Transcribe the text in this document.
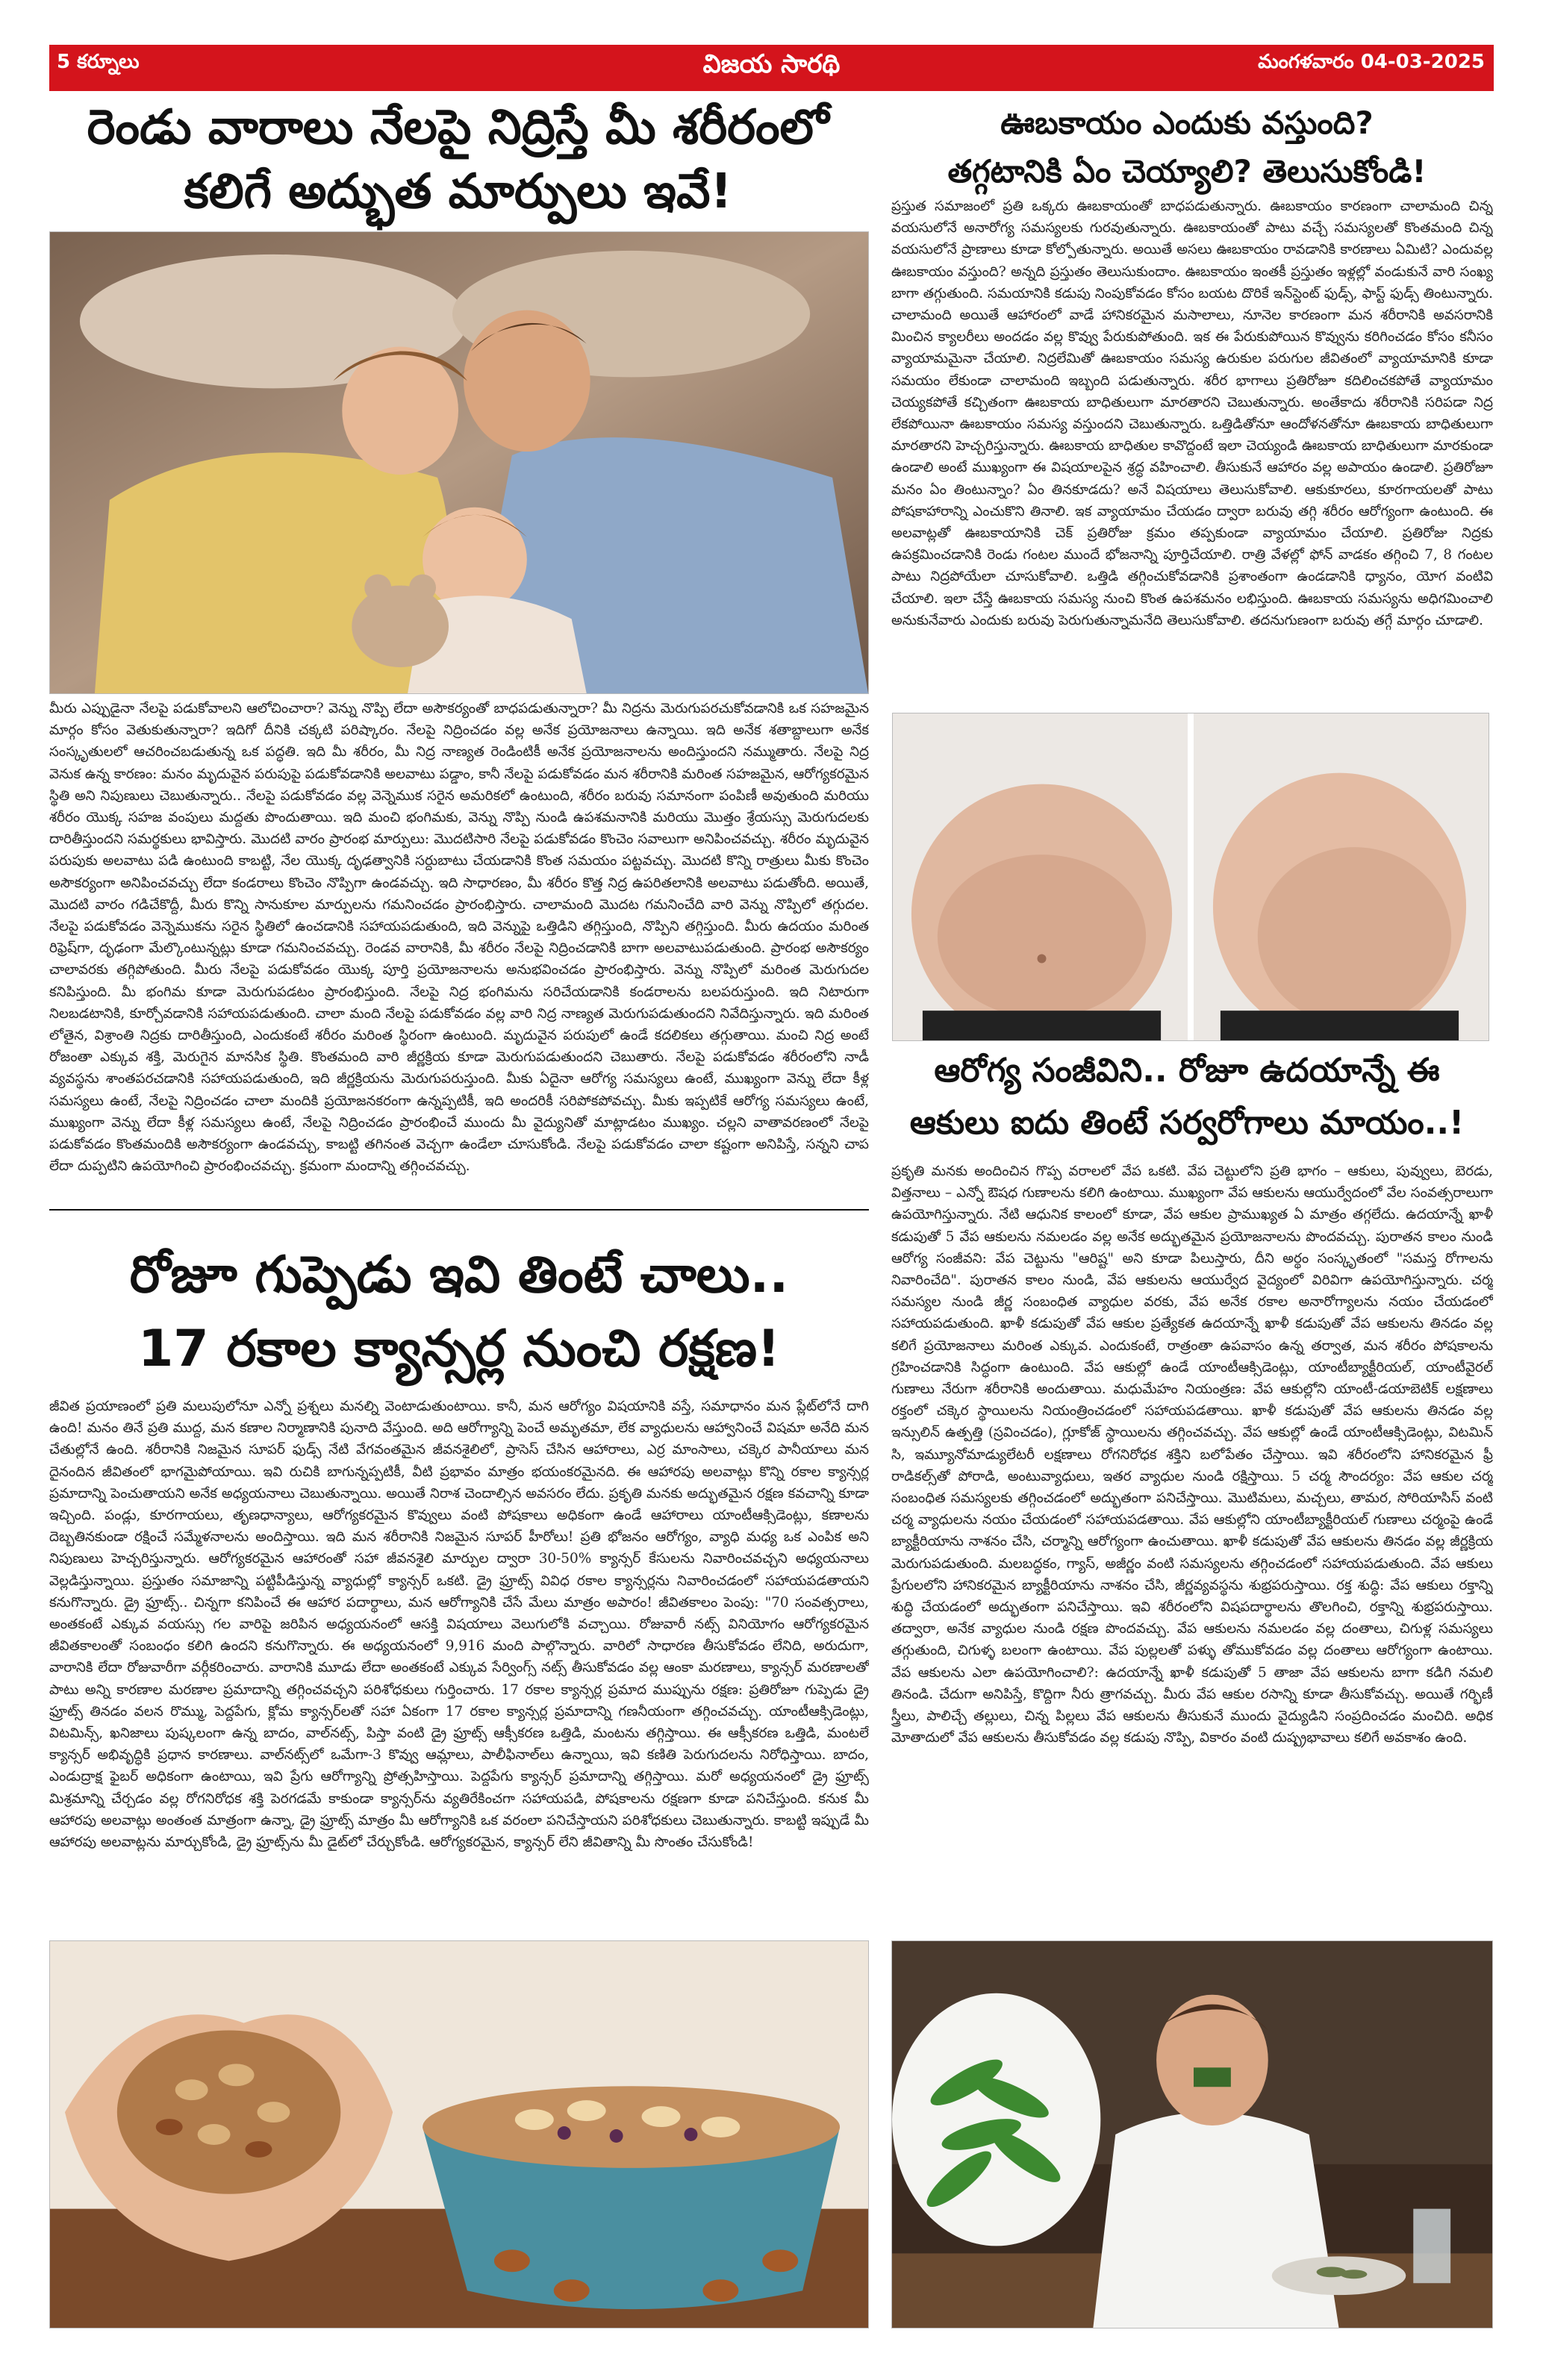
5 కర్నూలు	విజయ సారథి	మంగళవారం 04-03-2025
రెండు వారాలు నేలపై నిద్రిస్తే మీ శరీరంలో
కలిగే అద్భుత మార్పులు ఇవే!
మీరు ఎప్పుడైనా నేలపై పడుకోవాలని ఆలోచించారా? వెన్ను నొప్పి లేదా అసౌకర్యంతో బాధపడుతున్నారా? మీ నిద్రను మెరుగుపరచుకోవడానికి ఒక సహజమైన మార్గం కోసం వెతుకుతున్నారా? ఇదిగో దీనికి చక్కటి పరిష్కారం. నేలపై నిద్రించడం వల్ల అనేక ప్రయోజనాలు ఉన్నాయి. ఇది అనేక శతాబ్దాలుగా అనేక సంస్కృతులలో ఆచరించబడుతున్న ఒక పద్ధతి. ఇది మీ శరీరం, మీ నిద్ర నాణ్యత రెండింటికీ అనేక ప్రయోజనాలను అందిస్తుందని నమ్ముతారు. నేలపై నిద్ర వెనుక ఉన్న కారణం: మనం మృదువైన పరుపుపై పడుకోవడానికి అలవాటు పడ్డాం, కానీ నేలపై పడుకోవడం మన శరీరానికి మరింత సహజమైన, ఆరోగ్యకరమైన స్థితి అని నిపుణులు చెబుతున్నారు.. నేలపై పడుకోవడం వల్ల వెన్నెముక సరైన అమరికలో ఉంటుంది, శరీరం బరువు సమానంగా పంపిణీ అవుతుంది మరియు శరీరం యొక్క సహజ వంపులు మద్దతు పొందుతాయి. ఇది మంచి భంగిమకు, వెన్ను నొప్పి నుండి ఉపశమనానికి మరియు మొత్తం శ్రేయస్సు మెరుగుదలకు దారితీస్తుందని సమర్థకులు భావిస్తారు. మొదటి వారం ప్రారంభ మార్పులు: మొదటిసారి నేలపై పడుకోవడం కొంచెం సవాలుగా అనిపించవచ్చు. శరీరం మృదువైన పరుపుకు అలవాటు పడి ఉంటుంది కాబట్టి, నేల యొక్క దృఢత్వానికి సర్దుబాటు చేయడానికి కొంత సమయం పట్టవచ్చు. మొదటి కొన్ని రాత్రులు మీకు కొంచెం అసౌకర్యంగా అనిపించవచ్చు లేదా కండరాలు కొంచెం నొప్పిగా ఉండవచ్చు. ఇది సాధారణం, మీ శరీరం కొత్త నిద్ర ఉపరితలానికి అలవాటు పడుతోంది. అయితే, మొదటి వారం గడిచేకొద్దీ, మీరు కొన్ని సానుకూల మార్పులను గమనించడం ప్రారంభిస్తారు. చాలామంది మొదట గమనించేది వారి వెన్ను నొప్పిలో తగ్గుదల. నేలపై పడుకోవడం వెన్నెముకను సరైన స్థితిలో ఉంచడానికి సహాయపడుతుంది, ఇది వెన్నుపై ఒత్తిడిని తగ్గిస్తుంది, నొప్పిని తగ్గిస్తుంది. మీరు ఉదయం మరింత రిఫ్రెష్‌గా, దృఢంగా మేల్కొంటున్నట్లు కూడా గమనించవచ్చు. రెండవ వారానికి, మీ శరీరం నేలపై నిద్రించడానికి బాగా అలవాటుపడుతుంది. ప్రారంభ అసౌకర్యం చాలావరకు తగ్గిపోతుంది. మీరు నేలపై పడుకోవడం యొక్క పూర్తి ప్రయోజనాలను అనుభవించడం ప్రారంభిస్తారు. వెన్ను నొప్పిలో మరింత మెరుగుదల కనిపిస్తుంది. మీ భంగిమ కూడా మెరుగుపడటం ప్రారంభిస్తుంది. నేలపై నిద్ర భంగిమను సరిచేయడానికి కండరాలను బలపరుస్తుంది. ఇది నిటారుగా నిలబడటానికి, కూర్చోవడానికి సహాయపడుతుంది. చాలా మంది నేలపై పడుకోవడం వల్ల వారి నిద్ర నాణ్యత మెరుగుపడుతుందని నివేదిస్తున్నారు. ఇది మరింత లోతైన, విశ్రాంతి నిద్రకు దారితీస్తుంది, ఎందుకంటే శరీరం మరింత స్థిరంగా ఉంటుంది. మృదువైన పరుపులో ఉండే కదలికలు తగ్గుతాయి. మంచి నిద్ర అంటే రోజంతా ఎక్కువ శక్తి, మెరుగైన మానసిక స్థితి. కొంతమంది వారి జీర్ణక్రియ కూడా మెరుగుపడుతుందని చెబుతారు. నేలపై పడుకోవడం శరీరంలోని నాడీ వ్యవస్థను శాంతపరచడానికి సహాయపడుతుంది, ఇది జీర్ణక్రియను మెరుగుపరుస్తుంది. మీకు ఏదైనా ఆరోగ్య సమస్యలు ఉంటే, ముఖ్యంగా వెన్ను లేదా కీళ్ల సమస్యలు ఉంటే, నేలపై నిద్రించడం చాలా మందికి ప్రయోజనకరంగా ఉన్నప్పటికీ, ఇది అందరికీ సరిపోకపోవచ్చు. మీకు ఇప్పటికే ఆరోగ్య సమస్యలు ఉంటే, ముఖ్యంగా వెన్ను లేదా కీళ్ల సమస్యలు ఉంటే, నేలపై నిద్రించడం ప్రారంభించే ముందు మీ వైద్యునితో మాట్లాడటం ముఖ్యం. చల్లని వాతావరణంలో నేలపై పడుకోవడం కొంతమందికి అసౌకర్యంగా ఉండవచ్చు, కాబట్టి తగినంత వెచ్చగా ఉండేలా చూసుకోండి. నేలపై పడుకోవడం చాలా కష్టంగా అనిపిస్తే, సన్నని చాప లేదా దుప్పటిని ఉపయోగించి ప్రారంభించవచ్చు. క్రమంగా మందాన్ని తగ్గించవచ్చు.
రోజూ గుప్పెడు ఇవి తింటే చాలు..
17 రకాల క్యాన్సర్ల నుంచి రక్షణ!
జీవిత ప్రయాణంలో ప్రతి మలుపులోనూ ఎన్నో ప్రశ్నలు మనల్ని వెంటాడుతుంటాయి. కానీ, మన ఆరోగ్యం విషయానికి వస్తే, సమాధానం మన ప్లేట్‌లోనే దాగి ఉంది! మనం తినే ప్రతి ముద్ద, మన కణాల నిర్మాణానికి పునాది వేస్తుంది. అది ఆరోగ్యాన్ని పెంచే అమృతమా, లేక వ్యాధులను ఆహ్వానించే విషమా అనేది మన చేతుల్లోనే ఉంది. శరీరానికి నిజమైన సూపర్ ఫుడ్స్ నేటి వేగవంతమైన జీవనశైలిలో, ప్రాసెస్ చేసిన ఆహారాలు, ఎర్ర మాంసాలు, చక్కెర పానీయాలు మన దైనందిన జీవితంలో భాగమైపోయాయి. ఇవి రుచికి బాగున్నప్పటికీ, వీటి ప్రభావం మాత్రం భయంకరమైనది. ఈ ఆహారపు అలవాట్లు కొన్ని రకాల క్యాన్సర్ల ప్రమాదాన్ని పెంచుతాయని అనేక అధ్యయనాలు చెబుతున్నాయి. అయితే నిరాశ చెందాల్సిన అవసరం లేదు. ప్రకృతి మనకు అద్భుతమైన రక్షణ కవచాన్ని కూడా ఇచ్చింది. పండ్లు, కూరగాయలు, తృణధాన్యాలు, ఆరోగ్యకరమైన కొవ్వులు వంటి పోషకాలు అధికంగా ఉండే ఆహారాలు యాంటీఆక్సిడెంట్లు, కణాలను దెబ్బతినకుండా రక్షించే సమ్మేళనాలను అందిస్తాయి. ఇది మన శరీరానికి నిజమైన సూపర్ హీరోలు! ప్రతి భోజనం ఆరోగ్యం, వ్యాధి మధ్య ఒక ఎంపిక అని నిపుణులు హెచ్చరిస్తున్నారు. ఆరోగ్యకరమైన ఆహారంతో సహా జీవనశైలి మార్పుల ద్వారా 30-50% క్యాన్సర్ కేసులను నివారించవచ్చని అధ్యయనాలు వెల్లడిస్తున్నాయి. ప్రస్తుతం సమాజాన్ని పట్టిపీడిస్తున్న వ్యాధుల్లో క్యాన్సర్ ఒకటి. డ్రై ఫ్రూట్స్ వివిధ రకాల క్యాన్సర్లను నివారించడంలో సహాయపడతాయని కనుగొన్నారు. డ్రై ఫ్రూట్స్.. చిన్నగా కనిపించే ఈ ఆహార పదార్థాలు, మన ఆరోగ్యానికి చేసే మేలు మాత్రం అపారం! జీవితకాలం పెంపు: "70 సంవత్సరాలు, అంతకంటే ఎక్కువ వయస్సు గల వారిపై జరిపిన అధ్యయనంలో ఆసక్తి విషయాలు వెలుగులోకి వచ్చాయి. రోజువారీ నట్స్ వినియోగం ఆరోగ్యకరమైన జీవితకాలంతో సంబంధం కలిగి ఉందని కనుగొన్నారు. ఈ అధ్యయనంలో 9,916 మంది పాల్గొన్నారు. వారిలో సాధారణ తీసుకోవడం లేనిది, అరుదుగా, వారానికి లేదా రోజువారీగా వర్గీకరించారు. వారానికి మూడు లేదా అంతకంటే ఎక్కువ సేర్వింగ్స్ నట్స్ తీసుకోవడం వల్ల ఆంకా మరణాలు, క్యాన్సర్ మరణాలతో పాటు అన్ని కారణాల మరణాల ప్రమాదాన్ని తగ్గించవచ్చని పరిశోధకులు గుర్తించారు. 17 రకాల క్యాన్సర్ల ప్రమాద ముప్పును రక్షణ: ప్రతిరోజూ గుప్పెడు డ్రై ఫ్రూట్స్ తినడం వలన రొమ్ము, పెద్దపేగు, క్లోమ క్యాన్సర్‌లతో సహా ఏకంగా 17 రకాల క్యాన్సర్ల ప్రమాదాన్ని గణనీయంగా తగ్గించవచ్చు. యాంటీఆక్సిడెంట్లు, విటమిన్స్, ఖనిజాలు పుష్కలంగా ఉన్న బాదం, వాల్‌నట్స్, పిస్తా వంటి డ్రై ఫ్రూట్స్ ఆక్సీకరణ ఒత్తిడి, మంటను తగ్గిస్తాయి. ఈ ఆక్సీకరణ ఒత్తిడి, మంటలే క్యాన్సర్ అభివృద్ధికి ప్రధాన కారణాలు. వాల్‌నట్స్‌లో ఒమేగా-3 కొవ్వు ఆమ్లాలు, పాలీఫినాల్‌లు ఉన్నాయి, ఇవి కణితి పెరుగుదలను నిరోధిస్తాయి. బాదం, ఎండుద్రాక్ష ఫైబర్ అధికంగా ఉంటాయి, ఇవి ప్రేగు ఆరోగ్యాన్ని ప్రోత్సహిస్తాయి. పెద్దపేగు క్యాన్సర్ ప్రమాదాన్ని తగ్గిస్తాయి. మరో అధ్యయనంలో డ్రై ఫ్రూట్స్ మిశ్రమాన్ని చేర్చడం వల్ల రోగనిరోధక శక్తి పెరగడమే కాకుండా క్యాన్సర్‌ను వ్యతిరేకించగా సహాయపడి, పోషకాలను రక్షణగా కూడా పనిచేస్తుంది. కనుక మీ ఆహారపు అలవాట్లు అంతంత మాత్రంగా ఉన్నా, డ్రై ఫ్రూట్స్ మాత్రం మీ ఆరోగ్యానికి ఒక వరంలా పనిచేస్తాయని పరిశోధకులు చెబుతున్నారు. కాబట్టి ఇప్పుడే మీ ఆహారపు అలవాట్లను మార్చుకోండి, డ్రై ఫ్రూట్స్‌ను మీ డైట్‌లో చేర్చుకోండి. ఆరోగ్యకరమైన, క్యాన్సర్ లేని జీవితాన్ని మీ సొంతం చేసుకోండి!
ఊబకాయం ఎందుకు వస్తుంది?
తగ్గటానికి ఏం చెయ్యాలి? తెలుసుకోండి!
ప్రస్తుత సమాజంలో ప్రతి ఒక్కరు ఊబకాయంతో బాధపడుతున్నారు. ఊబకాయం కారణంగా చాలామంది చిన్న వయసులోనే అనారోగ్య సమస్యలకు గురవుతున్నారు. ఊబకాయంతో పాటు వచ్చే సమస్యలతో కొంతమంది చిన్న వయసులోనే ప్రాణాలు కూడా కోల్పోతున్నారు. అయితే అసలు ఊబకాయం రావడానికి కారణాలు ఏమిటి? ఎందువల్ల ఊబకాయం వస్తుంది? అన్నది ప్రస్తుతం తెలుసుకుందాం. ఊబకాయం ఇంతకీ ప్రస్తుతం ఇళ్లల్లో వండుకునే వారి సంఖ్య బాగా తగ్గుతుంది. సమయానికి కడుపు నింపుకోవడం కోసం బయట దొరికే ఇన్‌స్టెంట్ ఫుడ్స్, ఫాస్ట్ ఫుడ్స్ తింటున్నారు. చాలామంది అయితే ఆహారంలో వాడే హానికరమైన మసాలాలు, నూనెల కారణంగా మన శరీరానికి అవసరానికి మించిన క్యాలరీలు అందడం వల్ల కొవ్వు పేరుకుపోతుంది. ఇక ఈ పేరుకుపోయిన కొవ్వును కరిగించడం కోసం కనీసం వ్యాయామమైనా చేయాలి. నిద్రలేమితో ఊబకాయం సమస్య ఉరుకుల పరుగుల జీవితంలో వ్యాయామానికి కూడా సమయం లేకుండా చాలామంది ఇబ్బంది పడుతున్నారు. శరీర భాగాలు ప్రతిరోజూ కదిలించకపోతే వ్యాయామం చెయ్యకపోతే కచ్చితంగా ఊబకాయ బాధితులుగా మారతారని చెబుతున్నారు. అంతేకాదు శరీరానికి సరిపడా నిద్ర లేకపోయినా ఊబకాయం సమస్య వస్తుందని చెబుతున్నారు. ఒత్తిడితోనూ ఆందోళనతోనూ ఊబకాయ బాధితులుగా మారతారని హెచ్చరిస్తున్నారు. ఊబకాయ బాధితుల కావొద్దంటే ఇలా చెయ్యండి ఊబకాయ బాధితులుగా మారకుండా ఉండాలి అంటే ముఖ్యంగా ఈ విషయాలపైన శ్రద్ధ వహించాలి. తీసుకునే ఆహారం వల్ల అపాయం ఉండాలి. ప్రతిరోజూ మనం ఏం తింటున్నాం? ఏం తినకూడదు? అనే విషయాలు తెలుసుకోవాలి. ఆకుకూరలు, కూరగాయలతో పాటు పోషకాహారాన్ని ఎంచుకొని తినాలి. ఇక వ్యాయామం చేయడం ద్వారా బరువు తగ్గి శరీరం ఆరోగ్యంగా ఉంటుంది. ఈ అలవాట్లతో ఊబకాయానికి చెక్ ప్రతిరోజు క్రమం తప్పకుండా వ్యాయామం చేయాలి. ప్రతిరోజు నిద్రకు ఉపక్రమించడానికి రెండు గంటల ముందే భోజనాన్ని పూర్తిచేయాలి. రాత్రి వేళల్లో ఫోన్ వాడకం తగ్గించి 7, 8 గంటల పాటు నిద్రపోయేలా చూసుకోవాలి. ఒత్తిడి తగ్గించుకోవడానికి ప్రశాంతంగా ఉండడానికి ధ్యానం, యోగ వంటివి చేయాలి. ఇలా చేస్తే ఊబకాయ సమస్య నుంచి కొంత ఉపశమనం లభిస్తుంది. ఊబకాయ సమస్యను అధిగమించాలి అనుకునేవారు ఎందుకు బరువు పెరుగుతున్నామనేది తెలుసుకోవాలి. తదనుగుణంగా బరువు తగ్గే మార్గం చూడాలి.
ఆరోగ్య సంజీవిని.. రోజూ ఉదయాన్నే ఈ
ఆకులు ఐదు తింటే సర్వరోగాలు మాయం..!
ప్రకృతి మనకు అందించిన గొప్ప వరాలలో వేప ఒకటి. వేప చెట్టులోని ప్రతి భాగం – ఆకులు, పువ్వులు, బెరడు, విత్తనాలు – ఎన్నో ఔషధ గుణాలను కలిగి ఉంటాయి. ముఖ్యంగా వేప ఆకులను ఆయుర్వేదంలో వేల సంవత్సరాలుగా ఉపయోగిస్తున్నారు. నేటి ఆధునిక కాలంలో కూడా, వేప ఆకుల ప్రాముఖ్యత ఏ మాత్రం తగ్గలేదు. ఉదయాన్నే ఖాళీ కడుపుతో 5 వేప ఆకులను నమలడం వల్ల అనేక అద్భుతమైన ప్రయోజనాలను పొందవచ్చు. పురాతన కాలం నుండి ఆరోగ్య సంజీవని: వేప చెట్టును "ఆరిష్ట" అని కూడా పిలుస్తారు, దీని అర్థం సంస్కృతంలో "సమస్త రోగాలను నివారించేది". పురాతన కాలం నుండి, వేప ఆకులను ఆయుర్వేద వైద్యంలో విరివిగా ఉపయోగిస్తున్నారు. చర్మ సమస్యల నుండి జీర్ణ సంబంధిత వ్యాధుల వరకు, వేప అనేక రకాల అనారోగ్యాలను నయం చేయడంలో సహాయపడుతుంది. ఖాళీ కడుపుతో వేప ఆకుల ప్రత్యేకత ఉదయాన్నే ఖాళీ కడుపుతో వేప ఆకులను తినడం వల్ల కలిగే ప్రయోజనాలు మరింత ఎక్కువ. ఎందుకంటే, రాత్రంతా ఉపవాసం ఉన్న తర్వాత, మన శరీరం పోషకాలను గ్రహించడానికి సిద్ధంగా ఉంటుంది. వేప ఆకుల్లో ఉండే యాంటీఆక్సిడెంట్లు, యాంటీబ్యాక్టీరియల్, యాంటీవైరల్ గుణాలు నేరుగా శరీరానికి అందుతాయి. మధుమేహం నియంత్రణ: వేప ఆకుల్లోని యాంటీ-డయాబెటిక్ లక్షణాలు రక్తంలో చక్కెర స్థాయిలను నియంత్రించడంలో సహాయపడతాయి. ఖాళీ కడుపుతో వేప ఆకులను తినడం వల్ల ఇన్సులిన్ ఉత్పత్తి (స్రవించడం), గ్లూకోజ్ స్థాయిలను తగ్గించవచ్చు. వేప ఆకుల్లో ఉండే యాంటీఆక్సిడెంట్లు, విటమిన్ సి, ఇమ్యూనోమాడ్యులేటరీ లక్షణాలు రోగనిరోధక శక్తిని బలోపేతం చేస్తాయి. ఇవి శరీరంలోని హానికరమైన ఫ్రీ రాడికల్స్‌తో పోరాడి, అంటువ్యాధులు, ఇతర వ్యాధుల నుండి రక్షిస్తాయి. 5 చర్మ సౌందర్యం: వేప ఆకుల చర్మ సంబంధిత సమస్యలకు తగ్గించడంలో అద్భుతంగా పనిచేస్తాయి. మొటిమలు, మచ్చలు, తామర, సోరియాసిస్ వంటి చర్మ వ్యాధులను నయం చేయడంలో సహాయపడతాయి. వేప ఆకుల్లోని యాంటీబ్యాక్టీరియల్ గుణాలు చర్మంపై ఉండే బ్యాక్టీరియాను నాశనం చేసి, చర్మాన్ని ఆరోగ్యంగా ఉంచుతాయి. ఖాళీ కడుపుతో వేప ఆకులను తినడం వల్ల జీర్ణక్రియ మెరుగుపడుతుంది. మలబద్ధకం, గ్యాస్, అజీర్ణం వంటి సమస్యలను తగ్గించడంలో సహాయపడుతుంది. వేప ఆకులు ప్రేగులలోని హానికరమైన బ్యాక్టీరియాను నాశనం చేసి, జీర్ణవ్యవస్థను శుభ్రపరుస్తాయి. రక్త శుద్ధి: వేప ఆకులు రక్తాన్ని శుద్ధి చేయడంలో అద్భుతంగా పనిచేస్తాయి. ఇవి శరీరంలోని విషపదార్థాలను తొలగించి, రక్తాన్ని శుభ్రపరుస్తాయి. తద్వారా, అనేక వ్యాధుల నుండి రక్షణ పొందవచ్చు. వేప ఆకులను నమలడం వల్ల దంతాలు, చిగుళ్ల సమస్యలు తగ్గుతుంది, చిగుళ్ళ బలంగా ఉంటాయి. వేప పుల్లలతో పళ్ళు తోముకోవడం వల్ల దంతాలు ఆరోగ్యంగా ఉంటాయి. వేప ఆకులను ఎలా ఉపయోగించాలి?: ఉదయాన్నే ఖాళీ కడుపుతో 5 తాజా వేప ఆకులను బాగా కడిగి నమలి తినండి. చేదుగా అనిపిస్తే, కొద్దిగా నీరు త్రాగవచ్చు. మీరు వేప ఆకుల రసాన్ని కూడా తీసుకోవచ్చు. అయితే గర్భిణీ స్త్రీలు, పాలిచ్చే తల్లులు, చిన్న పిల్లలు వేప ఆకులను తీసుకునే ముందు వైద్యుడిని సంప్రదించడం మంచిది. అధిక మోతాదులో వేప ఆకులను తీసుకోవడం వల్ల కడుపు నొప్పి, వికారం వంటి దుష్ప్రభావాలు కలిగే అవకాశం ఉంది.
